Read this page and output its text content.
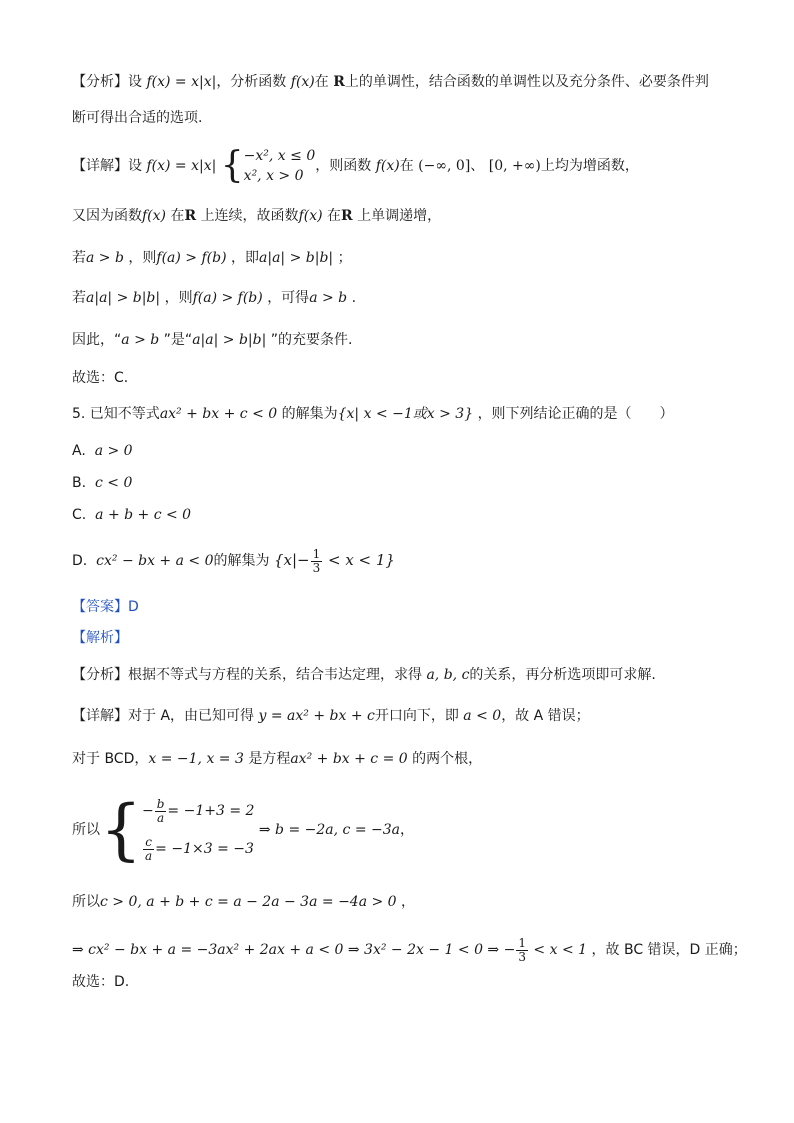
【分析】设 f(x) = x|x|，分析函数 f(x)在 R上的单调性，结合函数的单调性以及充分条件、必要条件判
断可得出合适的选项.
【详解】设 f(x) = x|x| { −x², x ≤ 0
x², x > 0
，则函数 f(x)在 (−∞, 0]、 [0, +∞)上均为增函数，
又因为函数f(x) 在R 上连续，故函数f(x) 在R 上单调递增，
若a > b ，则f(a) > f(b) ，即a|a| > b|b| ；
若a|a| > b|b| ，则f(a) > f(b) ，可得a > b .
因此，“a > b ”是“a|a| > b|b| ”的充要条件.
故选：C.
5. 已知不等式ax² + bx + c < 0 的解集为{x| x < −1或x > 3} ，则下列结论正确的是（　　）
A. a > 0
B. c < 0
C. a + b + c < 0
D. cx² − bx + a < 0的解集为 $\{x|- \frac{1}{3} < x < 1\}$
【答案】D
【解析】
【分析】根据不等式与方程的关系，结合韦达定理，求得 a, b, c的关系，再分析选项即可求解.
【详解】对于 A，由已知可得 y = ax² + bx + c开口向下，即 a < 0，故 A 错误；
对于 BCD，x = −1, x = 3 是方程ax² + bx + c = 0 的两个根，
所以{ − $\frac{b}{a} = -1+3 = 2$
$\frac{c}{a} = -1\times 3 = -3$
⇒ b = −2a, c = −3a，
所以c > 0, a + b + c = a − 2a − 3a = −4a > 0 ，
⇒ cx² − bx + a = −3ax² + 2ax + a < 0 ⇒ 3x² − 2x − 1 < 0 ⇒ − $\frac{1}{3} < x < 1$ ，故 BC 错误，D 正确；
故选：D.
